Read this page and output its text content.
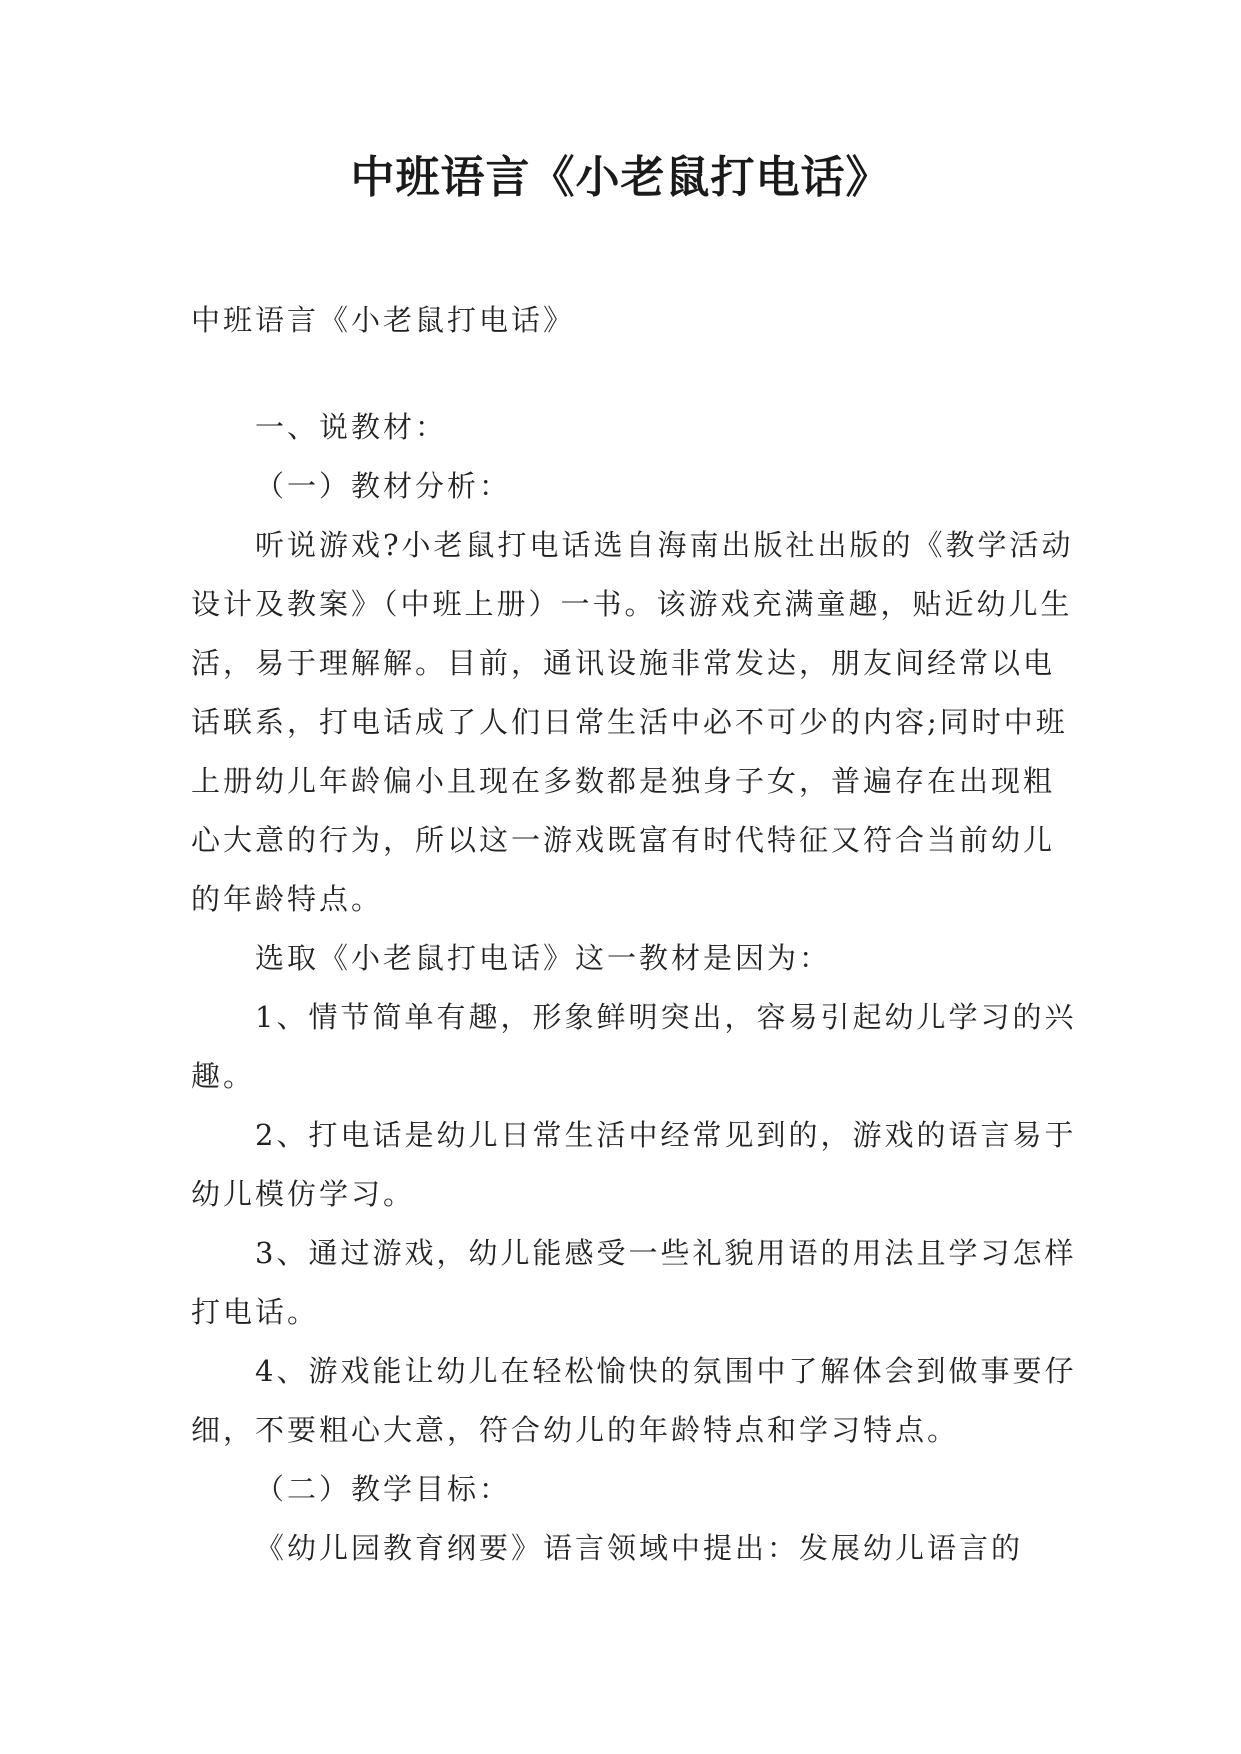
中班语言《小老鼠打电话》

中班语言《小老鼠打电话》

一、说教材：

（一）教材分析：

听说游戏?小老鼠打电话选自海南出版社出版的《教学活动设计及教案》（中班上册）一书。该游戏充满童趣，贴近幼儿生活，易于理解解。目前，通讯设施非常发达，朋友间经常以电话联系，打电话成了人们日常生活中必不可少的内容;同时中班上册幼儿年龄偏小且现在多数都是独身子女，普遍存在出现粗心大意的行为，所以这一游戏既富有时代特征又符合当前幼儿的年龄特点。

选取《小老鼠打电话》这一教材是因为：

1、情节简单有趣，形象鲜明突出，容易引起幼儿学习的兴趣。

2、打电话是幼儿日常生活中经常见到的，游戏的语言易于幼儿模仿学习。

3、通过游戏，幼儿能感受一些礼貌用语的用法且学习怎样打电话。

4、游戏能让幼儿在轻松愉快的氛围中了解体会到做事要仔细，不要粗心大意，符合幼儿的年龄特点和学习特点。

（二）教学目标：

《幼儿园教育纲要》语言领域中提出：发展幼儿语言的
